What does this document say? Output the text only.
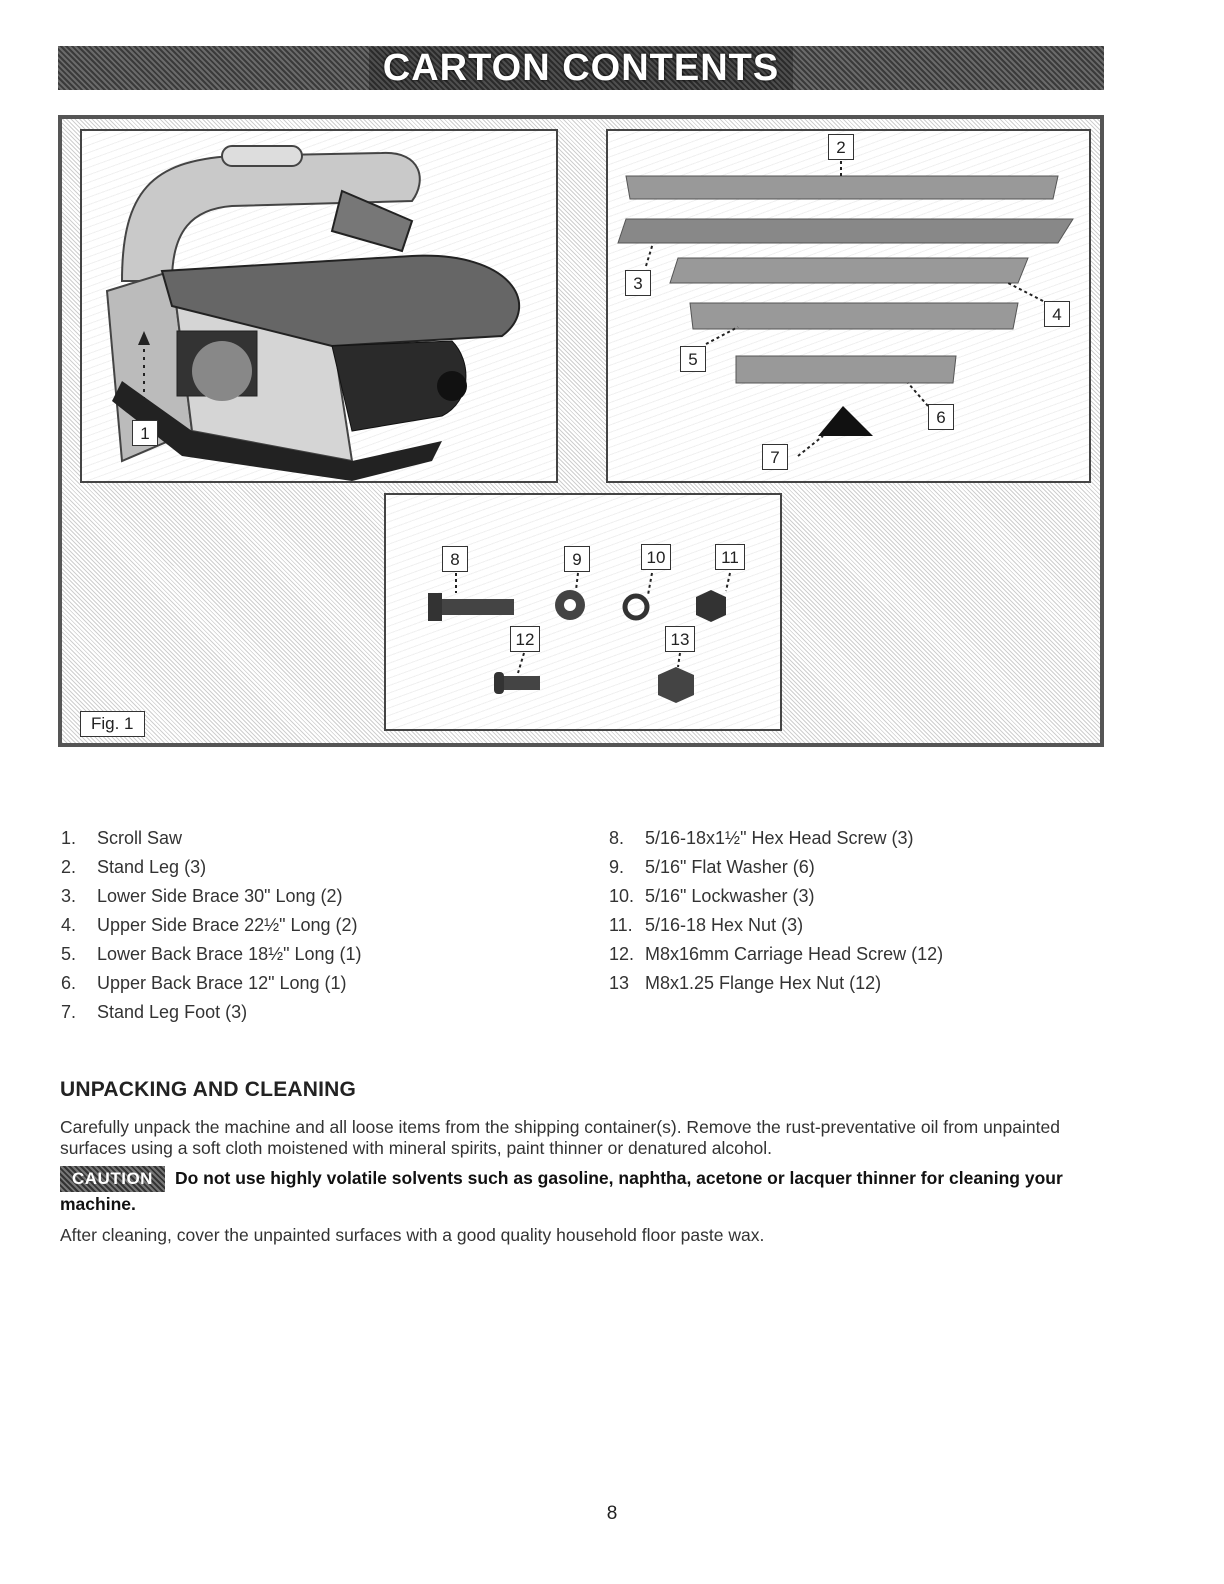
CARTON CONTENTS
1
2
3
4
5
6
7
8	9	10	11
12	13
Fig. 1
1.	Scroll Saw
2.	Stand Leg (3)
3.	Lower Side Brace 30" Long (2)
4.	Upper Side Brace 22½" Long (2)
5.	Lower Back Brace 18½" Long (1)
6.	Upper Back Brace 12" Long (1)
7.	Stand Leg Foot (3)
8.	5/16-18x1½" Hex Head Screw (3)
9.	5/16" Flat Washer (6)
10. 5/16" Lockwasher (3)
11. 5/16-18 Hex Nut (3)
12. M8x16mm Carriage Head Screw (12)
13 M8x1.25 Flange Hex Nut (12)
UNPACKING AND CLEANING
Carefully unpack the machine and all loose items from the shipping container(s). Remove the rust-preventative oil from unpainted surfaces using a soft cloth moistened with mineral spirits, paint thinner or denatured alcohol.
CAUTION Do not use highly volatile solvents such as gasoline, naphtha, acetone or lacquer thinner for cleaning your machine.
After cleaning, cover the unpainted surfaces with a good quality household floor paste wax.
8
